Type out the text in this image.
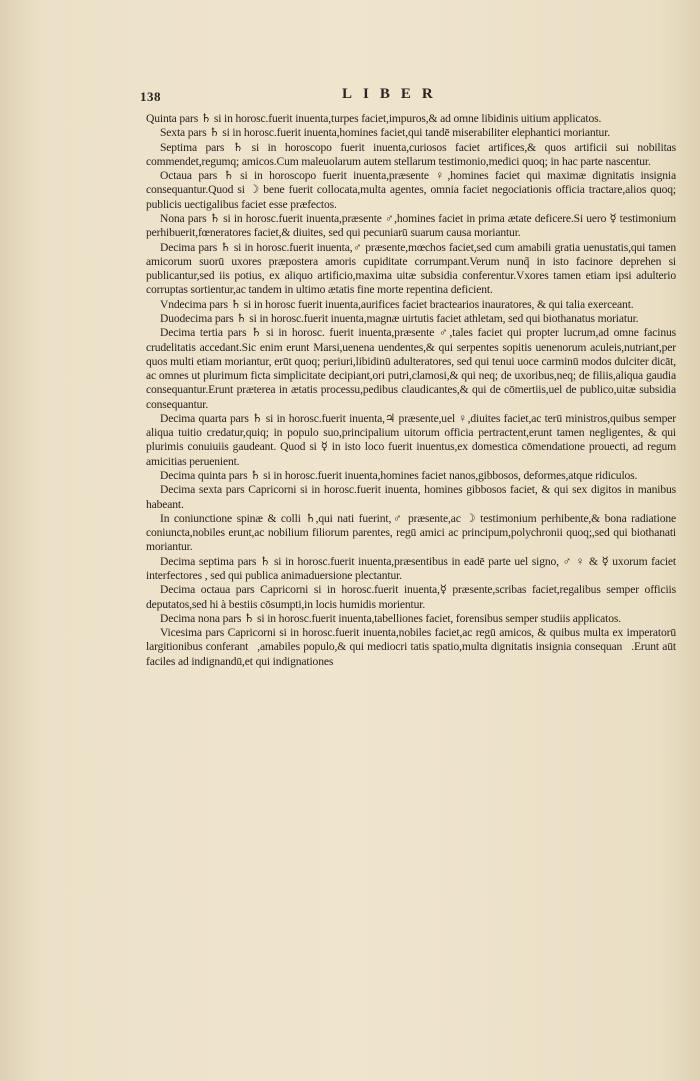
138	LIBER

Quinta pars ♄ si in horosc.fuerit inuenta,turpes faciet,impuros,& ad omne libidinis uitium applicatos.

Sexta pars ♄ si in horosc.fuerit inuenta,homines faciet,qui tandē miserabiliter elephantici moriantur.

Septima pars ♄ si in horoscopo fuerit inuenta,curiosos faciet artifices,& quos artificii sui nobilitas commendet,regumq; amicos.Cum maleuolarum autem stellarum testimonio,medici quoq; in hac parte nascentur.

Octaua pars ♄ si in horoscopo fuerit inuenta,præsente ♀,homines faciet qui maximæ dignitatis insignia consequantur.Quod si ☽ bene fuerit collocata,multa agentes, omnia faciet negociationis officia tractare,alios quoq; publicis uectigalibus faciet esse præfectos.

Nona pars ♄ si in horosc.fuerit inuenta,præsente ♂,homines faciet in prima ætate deficere.Si uero ☿ testimonium perhibuerit,fœneratores faciet,& diuites, sed qui pecuniarū suarum causa moriantur.

Decima pars ♄ si in horosc.fuerit inuenta,♂ præsente,mœchos faciet,sed cum amabili gratia uenustatis,qui tamen amicorum suorū uxores præpostera amoris cupiditate corrumpant.Verum nunq̃ in isto facinore deprehen si publicantur,sed iis potius, ex aliquo artificio,maxima uitæ subsidia conferentur.Vxores tamen etiam ipsi adulterio corruptas sortientur,ac tandem in ultimo ætatis fine morte repentina deficient.

Vndecima pars ♄ si in horosc fuerit inuenta,aurifices faciet bractearios inauratores, & qui talia exerceant.

Duodecima pars ♄ si in horosc.fuerit inuenta,magnæ uirtutis faciet athletam, sed qui biothanatus moriatur.

Decima tertia pars ♄ si in horosc. fuerit inuenta,præsente ♂,tales faciet qui propter lucrum,ad omne facinus crudelitatis accedant.Sic enim erunt Marsi,uenena uendentes,& qui serpentes sopitis uenenorum aculeis,nutriant,per quos multi etiam moriantur, erūt quoq; periuri,libidinū adulteratores, sed qui tenui uoce carminū modos dulciter dicāt, ac omnes ut plurimum ficta simplicitate decipiant,ori putri,clamosi,& qui neq; de uxoribus,neq; de filiis,aliqua gaudia consequantur.Erunt præterea in ætatis processu,pedibus claudicantes,& qui de cōmertiis,uel de publico,uitæ subsidia consequantur.

Decima quarta pars ♄ si in horosc.fuerit inuenta,♃ præsente,uel ♀,diuites faciet,ac terū ministros,quibus semper aliqua tuitio credatur,quiq; in populo suo,principalium uitorum officia pertractent,erunt tamen negligentes, & qui plurimis conuiuiis gaudeant. Quod si ☿ in isto loco fuerit inuentus,ex domestica cōmendatione prouecti, ad regum amicitias peruenient.

Decima quinta pars ♄ si in horosc.fuerit inuenta,homines faciet nanos,gibbosos, deformes,atque ridiculos.

Decima sexta pars Capricorni si in horosc.fuerit inuenta, homines gibbosos faciet, & qui sex digitos in manibus habeant.

In coniunctione spinæ & colli ♄,qui nati fuerint,♂ præsente,ac ☽ testimonium perhibente,& bona radiatione coniuncta,nobiles erunt,ac nobilium filiorum parentes, regū amici ac principum,polychronii quoq;,sed qui biothanati moriantur.

Decima septima pars ♄ si in horosc.fuerit inuenta,præsentibus in eadē parte uel signo, ♂ ♀ & ☿ uxorum faciet interfectores , sed qui publica animaduersione plectantur.

Decima octaua pars Capricorni si in horosc.fuerit inuenta,☿ præsente,scribas faciet,regalibus semper officiis deputatos,sed hi à bestiis cōsumpti,in locis humidis morientur.

Decima nona pars ♄ si in horosc.fuerit inuenta,tabelliones faciet, forensibus semper studiis applicatos.

Vicesima pars Capricorni si in horosc.fuerit inuenta,nobiles faciet,ac regū amicos, & quibus multa ex imperatorū largitionibus conferantᷓ,amabiles populo,& qui mediocri tatis spatio,multa dignitatis insignia consequanᷓ.Erunt aūt faciles ad indignandū,et qui indignationes
